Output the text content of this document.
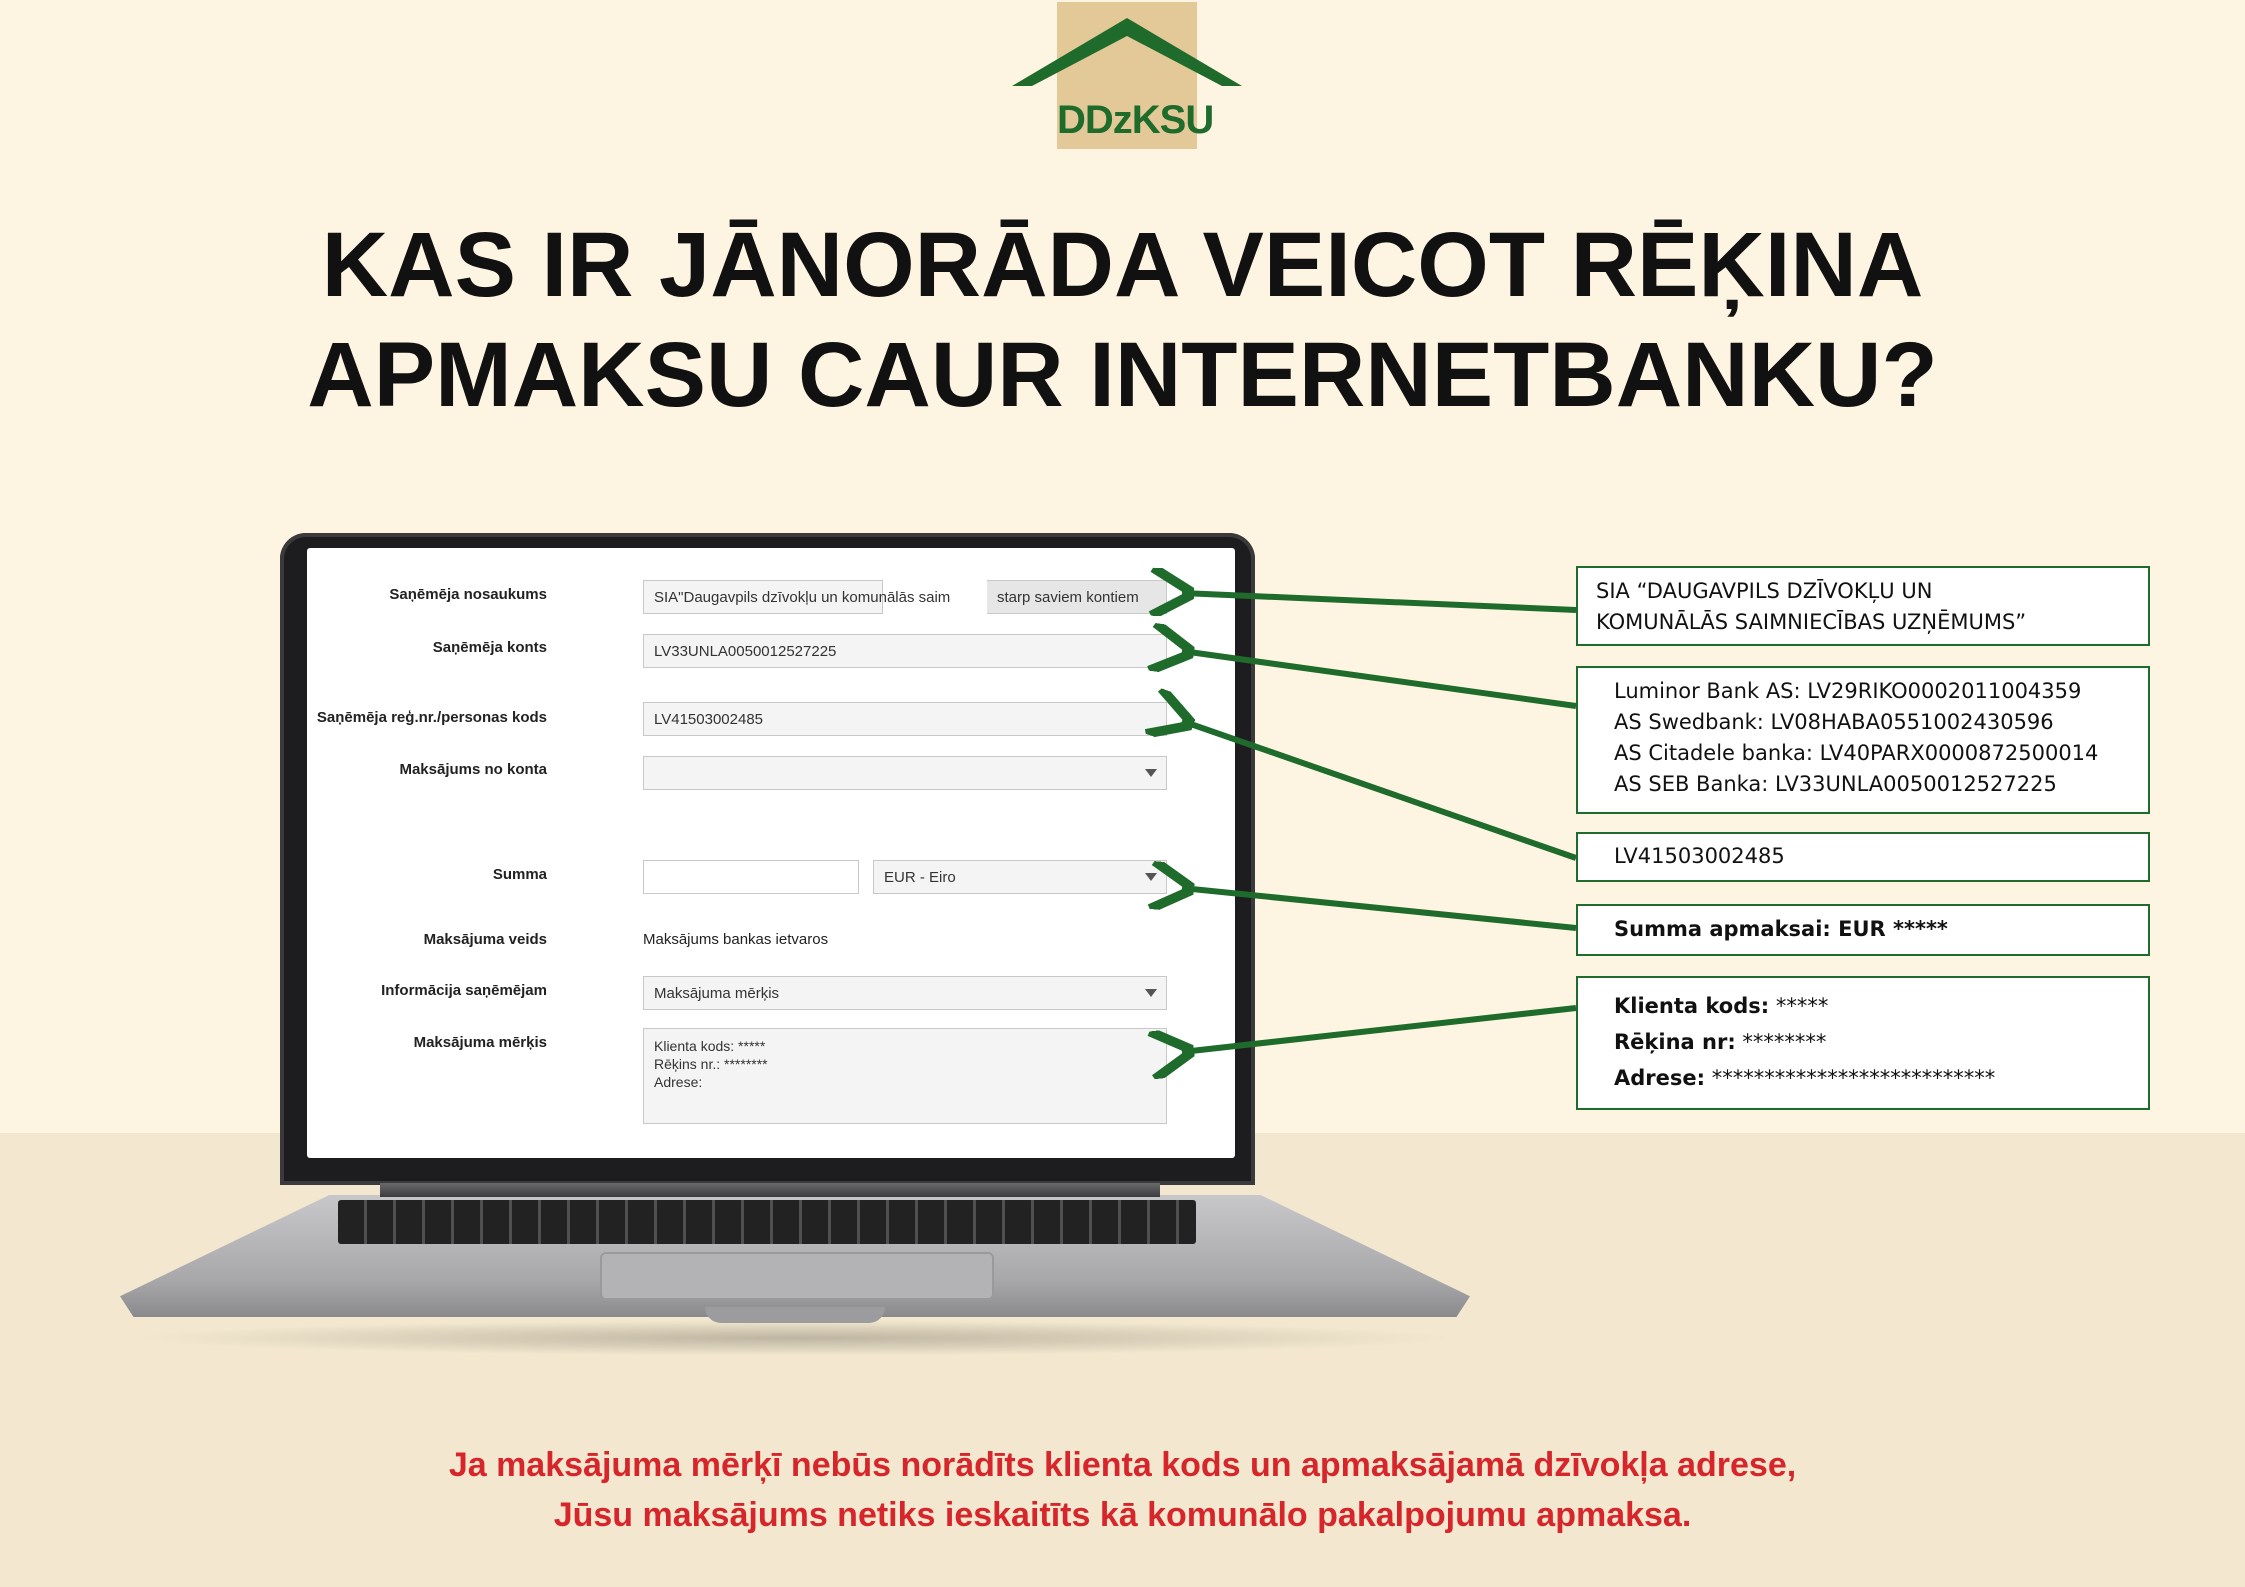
DDzKSU
KAS IR JĀNORĀDA VEICOT RĒĶINA
APMAKSU CAUR INTERNETBANKU?
Saņēmēja nosaukums	SIA"Daugavpils dzīvokļu un komunālās saim	starp saviem kontiem
Saņēmēja konts	LV33UNLA0050012527225
Saņēmēja reģ.nr./personas kods	LV41503002485
Maksājums no konta
Summa	EUR - Eiro
Maksājuma veids	Maksājums bankas ietvaros
Informācija saņēmējam	Maksājuma mērķis
Maksājuma mērķis	Klienta kods: *****
Rēķins nr.: ********
Adrese:
SIA “DAUGAVPILS DZĪVOKĻU UN
KOMUNĀLĀS SAIMNIECĪBAS UZŅĒMUMS”
Luminor Bank AS: LV29RIKO0002011004359
AS Swedbank: LV08HABA0551002430596
AS Citadele banka: LV40PARX0000872500014
AS SEB Banka: LV33UNLA0050012527225
LV41503002485
Summa apmaksai: EUR *****
Klienta kods: *****
Rēķina nr: ********
Adrese: ***************************
Ja maksājuma mērķī nebūs norādīts klienta kods un apmaksājamā dzīvokļa adrese,
Jūsu maksājums netiks ieskaitīts kā komunālo pakalpojumu apmaksa.
